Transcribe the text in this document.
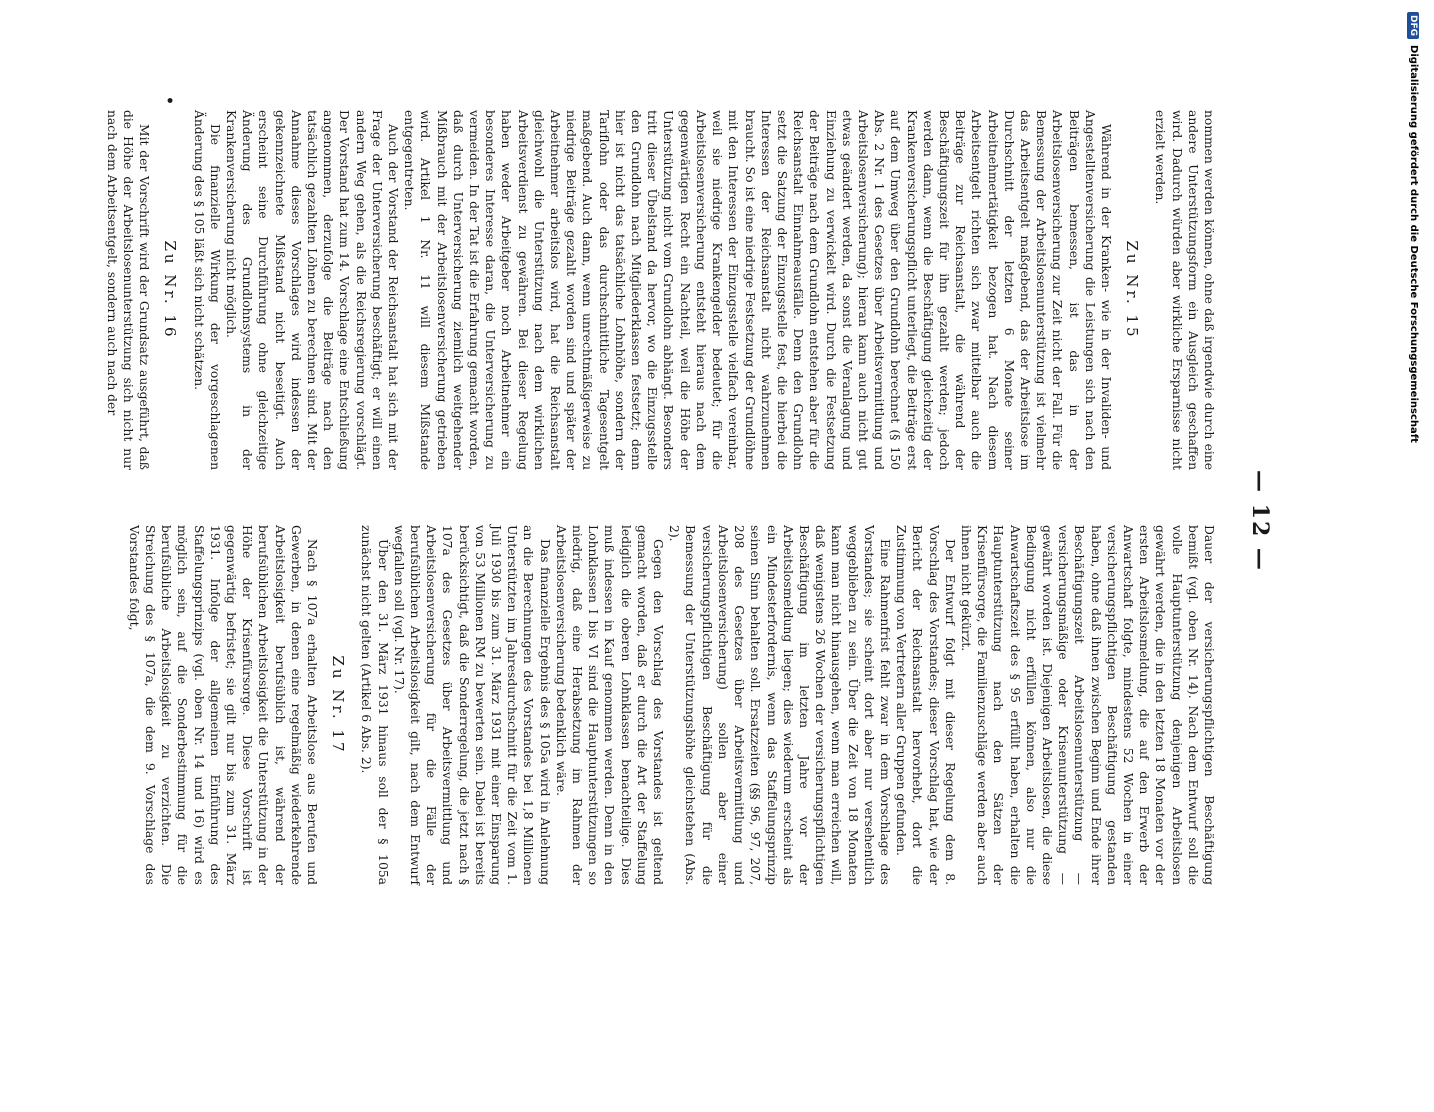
DFGDigitalisierung gefördert durch die Deutsche Forschungsgemeinschaft
— 12 —

nommen werden können, ohne daß irgendwie durch eine andere Unterstützungsform ein Ausgleich geschaffen wird. Dadurch würden aber wirkliche Ersparnisse nicht erzielt werden.

Zu Nr. 15

Während in der Kranken- wie in der Invaliden- und Angestelltenversicherung die Leistungen sich nach den Beiträgen bemessen, ist das in der Arbeitslosenversicherung zur Zeit nicht der Fall. Für die Bemessung der Arbeitslosenunterstützung ist vielmehr das Arbeitsentgelt maßgebend, das der Arbeitslose im Durchschnitt der letzten 6 Monate seiner Arbeitnehmertätigkeit bezogen hat. Nach diesem Arbeitsentgelt richten sich zwar mittelbar auch die Beiträge zur Reichsanstalt, die während der Beschäftigungszeit für ihn gezahlt werden; jedoch werden dann, wenn die Beschäftigung gleichzeitig der Krankenversicherungspflicht unterliegt, die Beiträge erst auf dem Umweg über den Grundlohn berechnet (§ 150 Abs. 2 Nr. 1 des Gesetzes über Arbeitsvermittlung und Arbeitslosenversicherung); hieran kann auch nicht gut etwas geändert werden, da sonst die Veranlagung und Einziehung zu verwickelt wird. Durch die Festsetzung der Beiträge nach dem Grundlohn entstehen aber für die Reichsanstalt Einnahmeausfälle. Denn den Grundlohn setzt die Satzung der Einzugsstelle fest, die hierbei die Interessen der Reichsanstalt nicht wahrzunehmen braucht. So ist eine niedrige Festsetzung der Grundlöhne mit den Interessen der Einzugsstelle vielfach vereinbar, weil sie niedrige Krankengelder bedeutet; für die Arbeitslosenversicherung entsteht hieraus nach dem gegenwärtigen Recht ein Nachteil, weil die Höhe der Unterstützung nicht vom Grundlohn abhängt. Besonders tritt dieser Übelstand da hervor, wo die Einzugsstelle den Grundlohn nach Mitgliederklassen festsetzt; denn hier ist nicht das tatsächliche Lohnhöhe, sondern der Tariflohn oder das durchschnittliche Tagesentgelt maßgebend. Auch dann, wenn unrechtmäßigerweise zu niedrige Beiträge gezahlt worden sind und später der Arbeitnehmer arbeitslos wird, hat die Reichsanstalt gleichwohl die Unterstützung nach dem wirklichen Arbeitsverdienst zu gewähren. Bei dieser Regelung haben weder Arbeitgeber noch Arbeitnehmer ein besonderes Interesse daran, die Unterversicherung zu vermeiden. In der Tat ist die Erfahrung gemacht worden, daß durch Unterversicherung ziemlich weitgehender Mißbrauch mit der Arbeitslosenversicherung getrieben wird. Artikel 1 Nr. 11 will diesem Mißstande entgegentreten.

Auch der Vorstand der Reichsanstalt hat sich mit der Frage der Unterversicherung beschäftigt; er will einen andern Weg gehen, als die Reichsregierung vorschlägt. Der Vorstand hat zum 14. Vorschlage eine Entschließung angenommen, derzufolge die Beiträge nach den tatsächlich gezahlten Löhnen zu berechnen sind. Mit der Annahme dieses Vorschlages wird indessen der gekennzeichnete Mißstand nicht beseitigt. Auch erscheint seine Durchführung ohne gleichzeitige Änderung des Grundlohnsystems in der Krankenversicherung nicht möglich.

Die finanzielle Wirkung der vorgeschlagenen Änderung des § 105 läßt sich nicht schätzen.

Zu Nr. 16

Mit der Vorschrift wird der Grundsatz ausgeführt, daß die Höhe der Arbeitslosenunterstützung sich nicht nur nach dem Arbeitsentgelt, sondern auch nach der

•

Dauer der versicherungspflichtigen Beschäftigung bemißt (vgl. oben Nr. 14). Nach dem Entwurf soll die volle Hauptunterstützung denjenigen Arbeitslosen gewährt werden, die in den letzten 18 Monaten vor der ersten Arbeitslosmeldung, die auf den Erwerb der Anwartschaft folgte, mindestens 52 Wochen in einer versicherungspflichtigen Beschäftigung gestanden haben, ohne daß ihnen zwischen Beginn und Ende ihrer Beschäftigungszeit Arbeitslosenunterstützung — versicherungsmäßige oder Krisenunterstützung — gewährt worden ist. Diejenigen Arbeitslosen, die diese Bedingung nicht erfüllen können, also nur die Anwartschaftszeit des § 95 erfüllt haben, erhalten die Hauptunterstützung nach den Sätzen der Krisenfürsorge, die Familienzuschläge werden aber auch ihnen nicht gekürzt.

Der Entwurf folgt mit dieser Regelung dem 8. Vorschlag des Vorstandes; dieser Vorschlag hat, wie der Bericht der Reichsanstalt hervorhebt, dort die Zustimmung von Vertretern aller Gruppen gefunden.

Eine Rahmenfrist fehlt zwar in dem Vorschlage des Vorstandes; sie scheint dort aber nur versehentlich weggeblieben zu sein. Über die Zeit von 18 Monaten kann man nicht hinausgehen, wenn man erreichen will, daß wenigstens 26 Wochen der versicherungspflichtigen Beschäftigung im letzten Jahre vor der Arbeitslosmeldung liegen; dies wiederum erscheint als ein Mindesterfordernis, wenn das Staffelungsprinzip seinen Sinn behalten soll. Ersatzzeiten (§§ 96, 97, 207, 208 des Gesetzes über Arbeitsvermittlung und Arbeitslosenversicherung) sollen aber einer versicherungspflichtigen Beschäftigung für die Bemessung der Unterstützungshöhe gleichstehen (Abs. 2).

Gegen den Vorschlag des Vorstandes ist geltend gemacht worden, daß er durch die Art der Staffelung lediglich die oberen Lohnklassen benachteilige. Dies muß indessen in Kauf genommen werden. Denn in den Lohnklassen I bis VI sind die Hauptunterstützungen so niedrig, daß eine Herabsetzung im Rahmen der Arbeitslosenversicherung bedenklich wäre.

Das finanzielle Ergebnis des § 105a wird in Anlehnung an die Berechnungen des Vorstandes bei 1,8 Millionen Unterstützten im Jahresdurchschnitt für die Zeit vom 1. Juli 1930 bis zum 31. März 1931 mit einer Einsparung von 53 Millionen RM zu bewerten sein. Dabei ist bereits berücksichtigt, daß die Sonderregelung, die jetzt nach § 107a des Gesetzes über Arbeitsvermittlung und Arbeitslosenversicherung für die Fälle der berufsüblichen Arbeitslosigkeit gilt, nach dem Entwurf wegfallen soll (vgl. Nr. 17).

Über den 31. März 1931 hinaus soll der § 105a zunächst nicht gelten (Artikel 6 Abs. 2).

Zu Nr. 17

Nach § 107a erhalten Arbeitslose aus Berufen und Gewerben, in denen eine regelmäßig wiederkehrende Arbeitslosigkeit berufsüblich ist, während der berufsüblichen Arbeitslosigkeit die Unterstützung in der Höhe der Krisenfürsorge. Diese Vorschrift ist gegenwärtig befristet; sie gilt nur bis zum 31. März 1931. Infolge der allgemeinen Einführung des Staffelungsprinzips (vgl. oben Nr. 14 und 16) wird es möglich sein, auf die Sonderbestimmung für die berufsübliche Arbeitslosigkeit zu verzichten. Die Streichung des § 107a, die dem 9. Vorschlage des Vorstandes folgt,
